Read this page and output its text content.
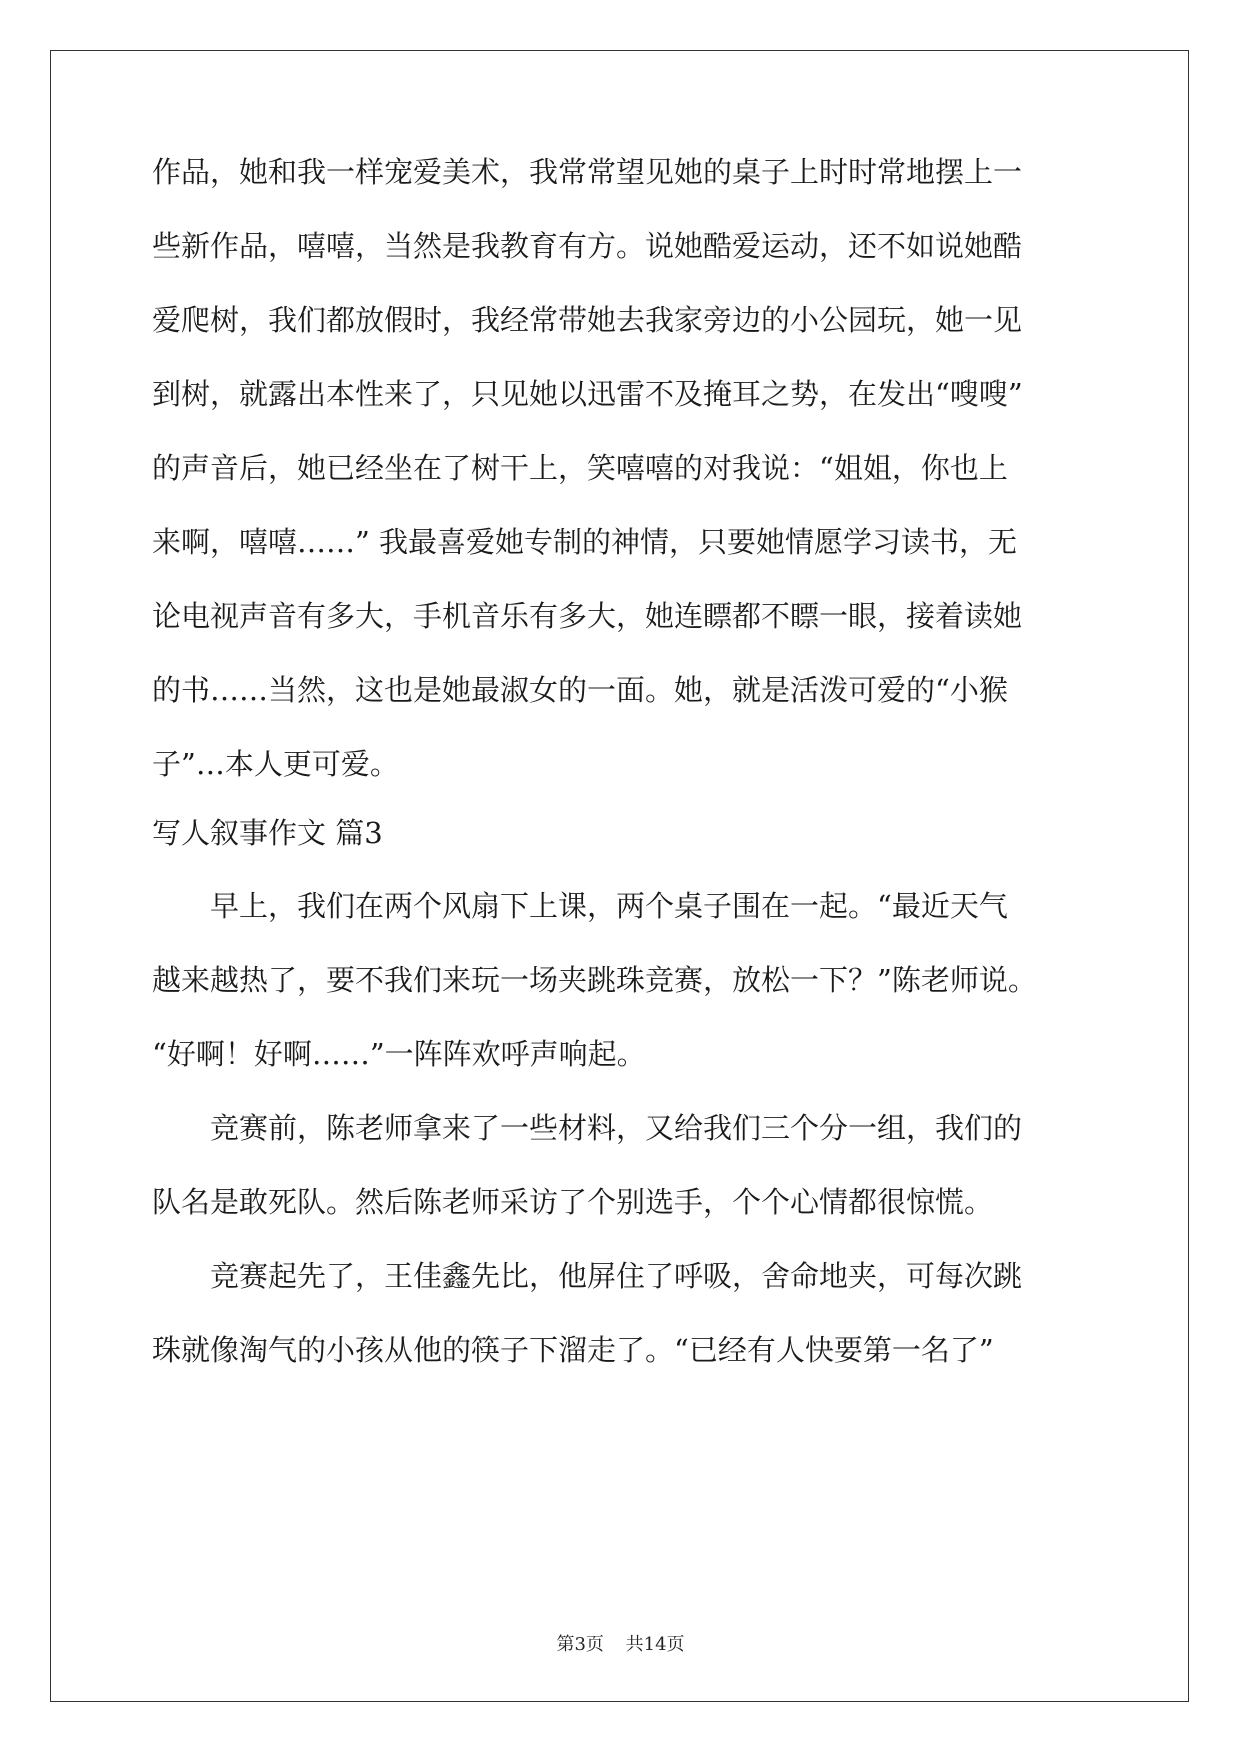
作品，她和我一样宠爱美术，我常常望见她的桌子上时时常地摆上一
些新作品，嘻嘻，当然是我教育有方。说她酷爱运动，还不如说她酷
爱爬树，我们都放假时，我经常带她去我家旁边的小公园玩，她一见
到树，就露出本性来了，只见她以迅雷不及掩耳之势，在发出“嗖嗖”
的声音后，她已经坐在了树干上，笑嘻嘻的对我说：“姐姐，你也上
来啊，嘻嘻……” 我最喜爱她专制的神情，只要她情愿学习读书，无
论电视声音有多大，手机音乐有多大，她连瞟都不瞟一眼，接着读她
的书……当然，这也是她最淑女的一面。她，就是活泼可爱的“小猴
子”…本人更可爱。
写人叙事作文 篇3
　　早上，我们在两个风扇下上课，两个桌子围在一起。“最近天气
越来越热了，要不我们来玩一场夹跳珠竞赛，放松一下？”陈老师说。
“好啊！好啊……”一阵阵欢呼声响起。
　　竞赛前，陈老师拿来了一些材料，又给我们三个分一组，我们的
队名是敢死队。然后陈老师采访了个别选手，个个心情都很惊慌。
　　竞赛起先了，王佳鑫先比，他屏住了呼吸，舍命地夹，可每次跳
珠就像淘气的小孩从他的筷子下溜走了。“已经有人快要第一名了”
第3页 共14页
